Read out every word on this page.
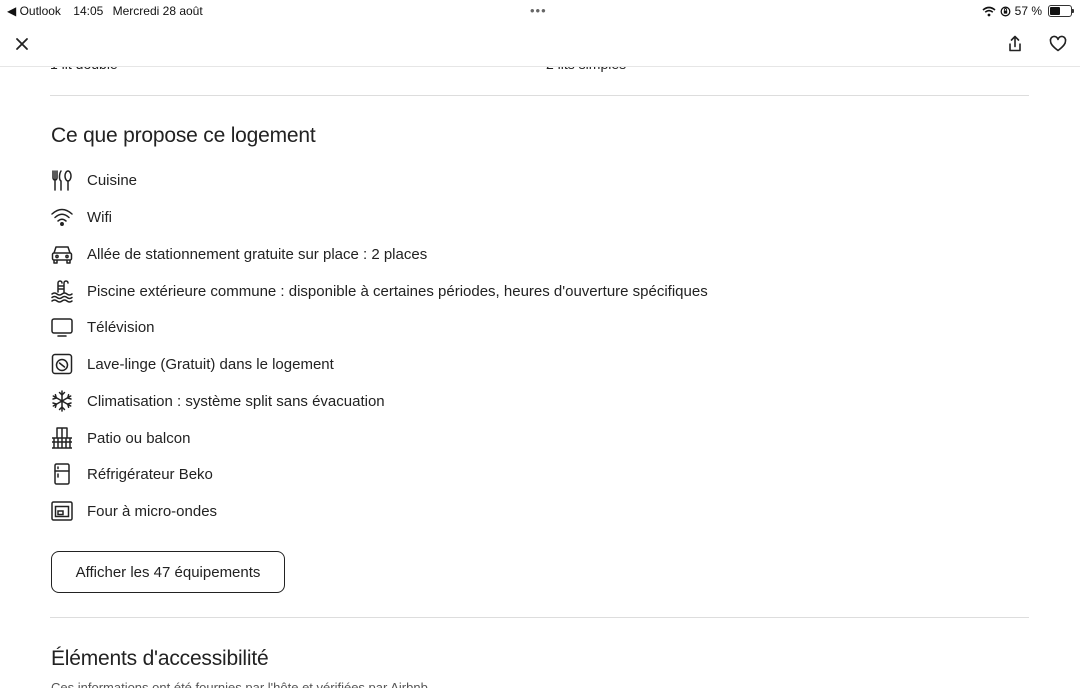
◀ Outlook 14:05 Mercredi 28 août	•••	57 %
Ce que propose ce logement
Cuisine
Wifi
Allée de stationnement gratuite sur place : 2 places
Piscine extérieure commune : disponible à certaines périodes, heures d'ouverture spécifiques
Télévision
Lave-linge (Gratuit) dans le logement
Climatisation : système split sans évacuation
Patio ou balcon
Réfrigérateur Beko
Four à micro-ondes
Afficher les 47 équipements
Éléments d'accessibilité
